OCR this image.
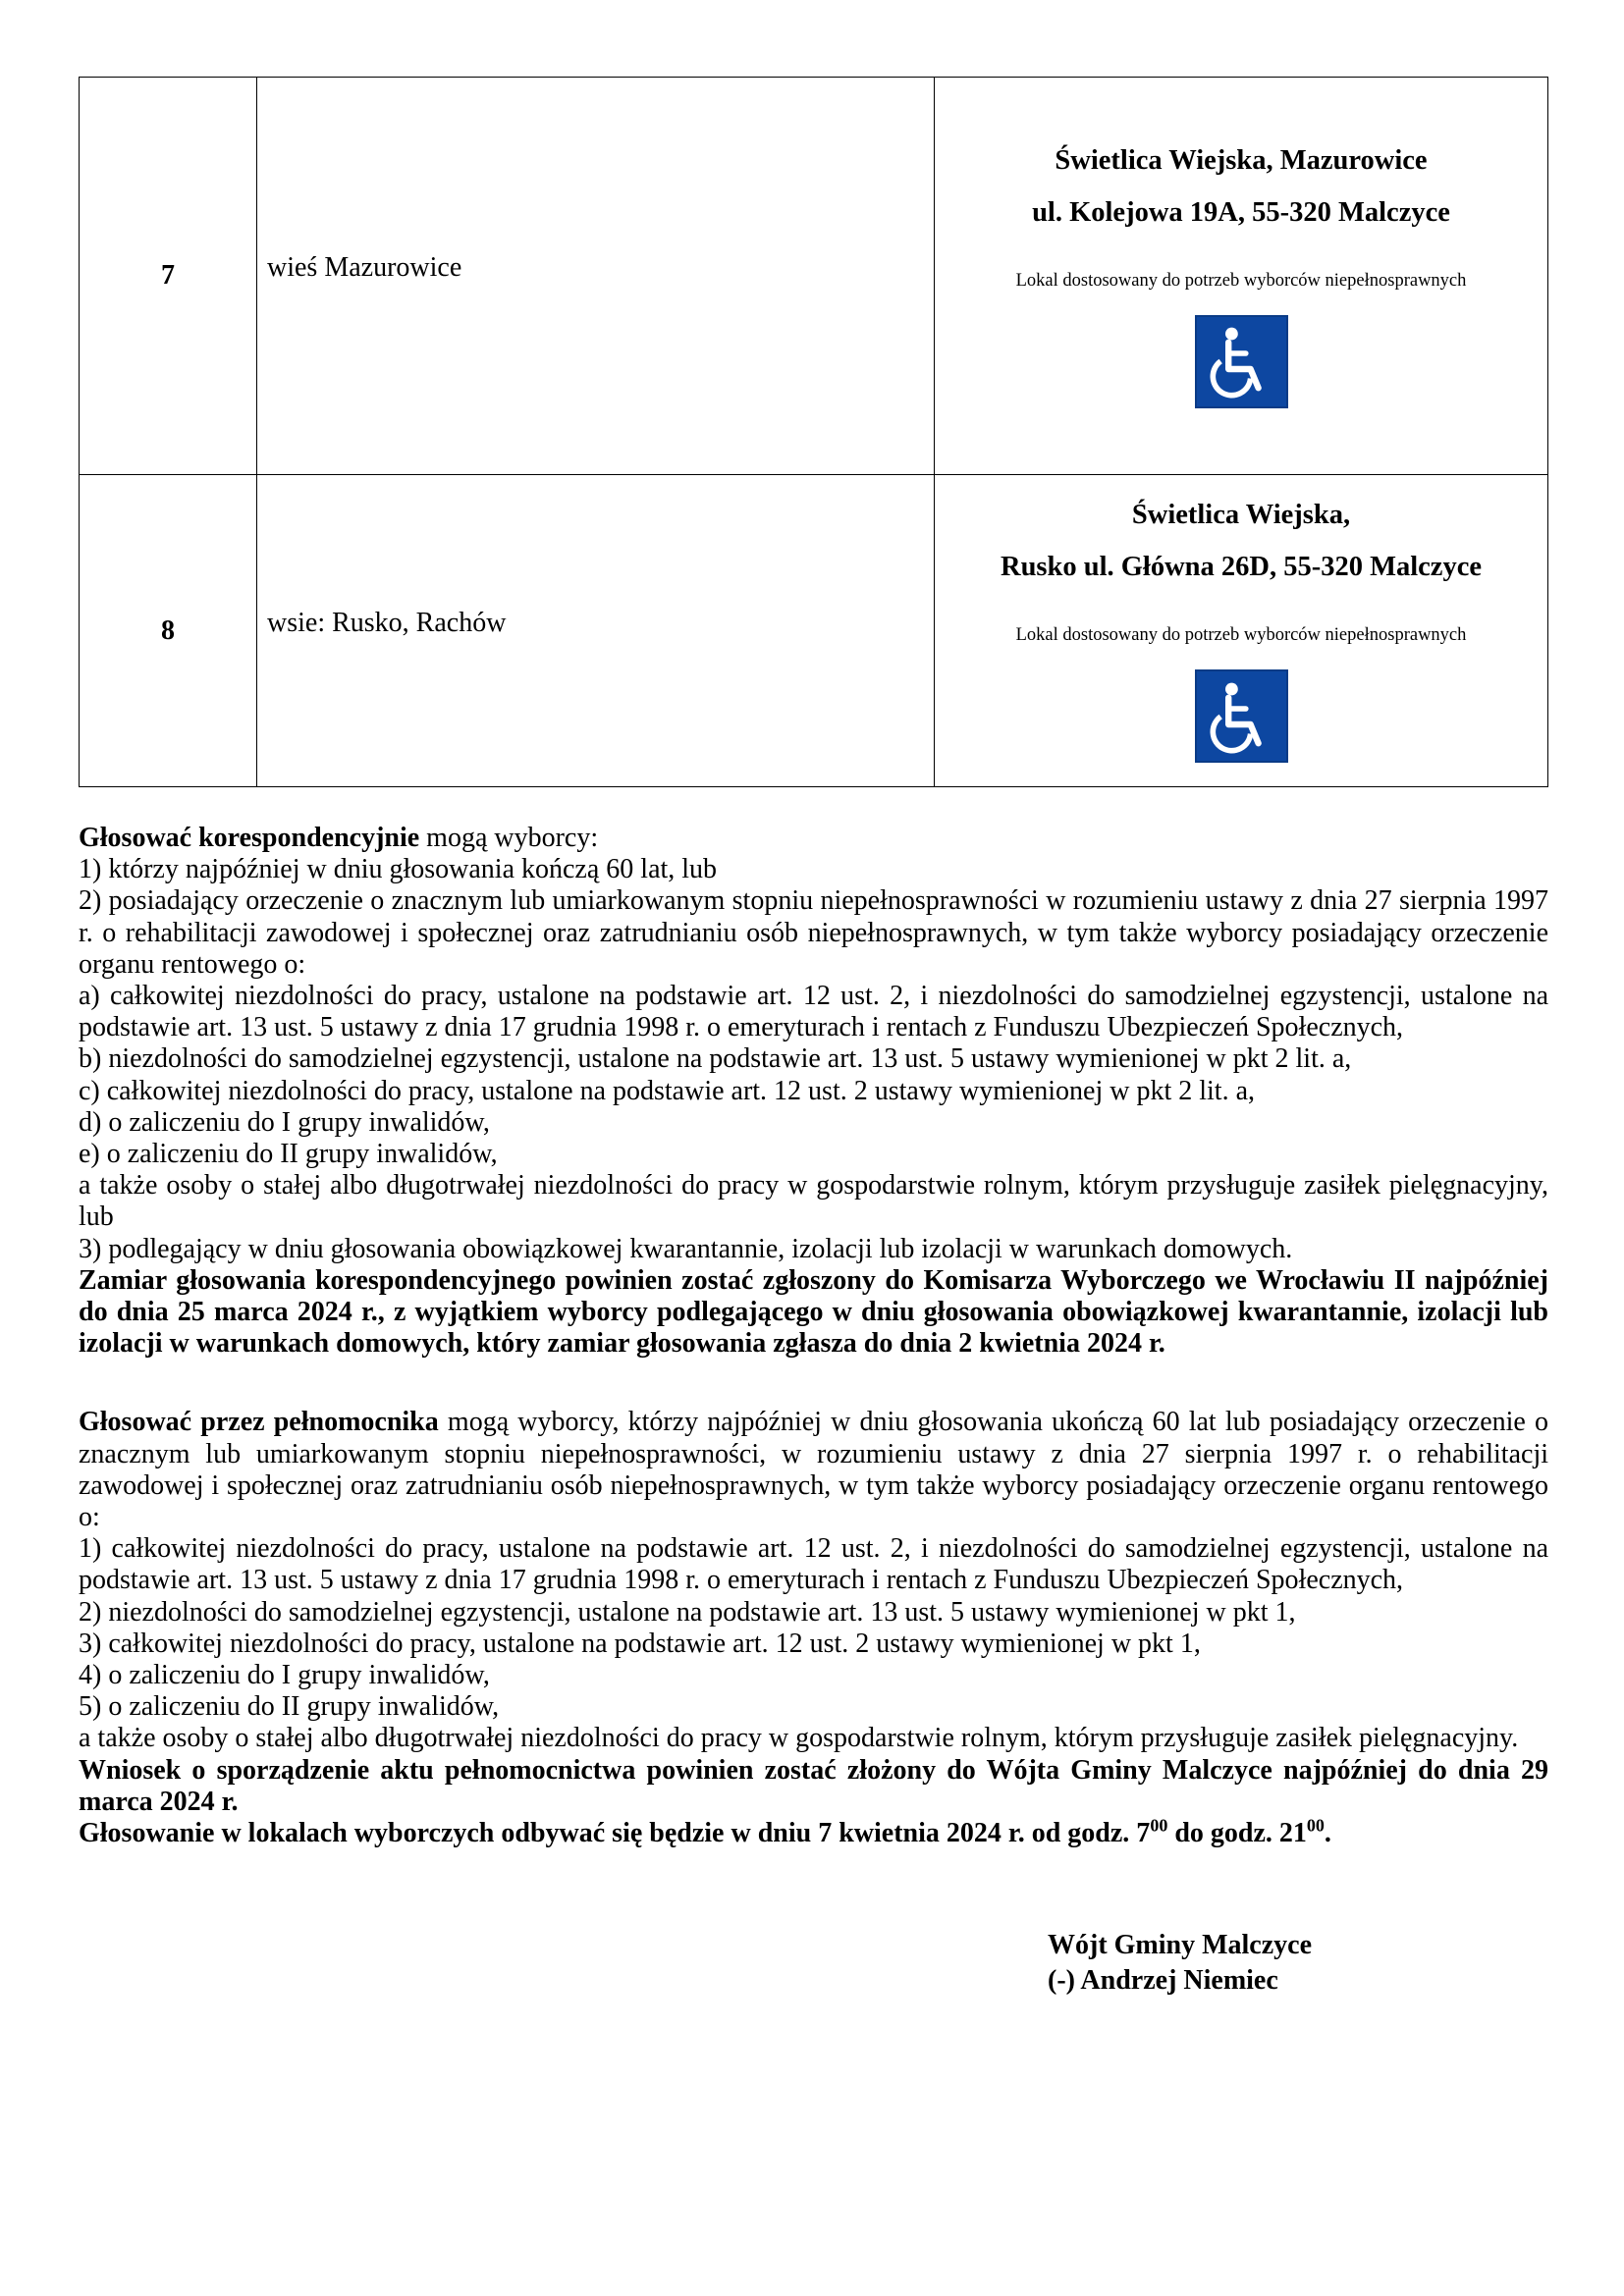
7	wieś Mazurowice	Świetlica Wiejska, Mazurowice
ul. Kolejowa 19A, 55-320 Malczyce
Lokal dostosowany do potrzeb wyborców niepełnosprawnych

8	wsie: Rusko, Rachów	Świetlica Wiejska,
Rusko ul. Główna 26D, 55-320 Malczyce
Lokal dostosowany do potrzeb wyborców niepełnosprawnych

Głosować korespondencyjnie mogą wyborcy:

1) którzy najpóźniej w dniu głosowania kończą 60 lat, lub

2) posiadający orzeczenie o znacznym lub umiarkowanym stopniu niepełnosprawności w rozumieniu ustawy z dnia 27 sierpnia 1997 r. o rehabilitacji zawodowej i społecznej oraz zatrudnianiu osób niepełnosprawnych, w tym także wyborcy posiadający orzeczenie organu rentowego o:

a) całkowitej niezdolności do pracy, ustalone na podstawie art. 12 ust. 2, i niezdolności do samodzielnej egzystencji, ustalone na podstawie art. 13 ust. 5 ustawy z dnia 17 grudnia 1998 r. o emeryturach i rentach z Funduszu Ubezpieczeń Społecznych,

b) niezdolności do samodzielnej egzystencji, ustalone na podstawie art. 13 ust. 5 ustawy wymienionej w pkt 2 lit. a,

c) całkowitej niezdolności do pracy, ustalone na podstawie art. 12 ust. 2 ustawy wymienionej w pkt 2 lit. a,

d) o zaliczeniu do I grupy inwalidów,

e) o zaliczeniu do II grupy inwalidów,

a także osoby o stałej albo długotrwałej niezdolności do pracy w gospodarstwie rolnym, którym przysługuje zasiłek pielęgnacyjny, lub

3) podlegający w dniu głosowania obowiązkowej kwarantannie, izolacji lub izolacji w warunkach domowych.

Zamiar głosowania korespondencyjnego powinien zostać zgłoszony do Komisarza Wyborczego we Wrocławiu II najpóźniej do dnia 25 marca 2024 r., z wyjątkiem wyborcy podlegającego w dniu głosowania obowiązkowej kwarantannie, izolacji lub izolacji w warunkach domowych, który zamiar głosowania zgłasza do dnia 2 kwietnia 2024 r.

Głosować przez pełnomocnika mogą wyborcy, którzy najpóźniej w dniu głosowania ukończą 60 lat lub posiadający orzeczenie o znacznym lub umiarkowanym stopniu niepełnosprawności, w rozumieniu ustawy z dnia 27 sierpnia 1997 r. o rehabilitacji zawodowej i społecznej oraz zatrudnianiu osób niepełnosprawnych, w tym także wyborcy posiadający orzeczenie organu rentowego o:

1) całkowitej niezdolności do pracy, ustalone na podstawie art. 12 ust. 2, i niezdolności do samodzielnej egzystencji, ustalone na podstawie art. 13 ust. 5 ustawy z dnia 17 grudnia 1998 r. o emeryturach i rentach z Funduszu Ubezpieczeń Społecznych,

2) niezdolności do samodzielnej egzystencji, ustalone na podstawie art. 13 ust. 5 ustawy wymienionej w pkt 1,

3) całkowitej niezdolności do pracy, ustalone na podstawie art. 12 ust. 2 ustawy wymienionej w pkt 1,

4) o zaliczeniu do I grupy inwalidów,

5) o zaliczeniu do II grupy inwalidów,

a także osoby o stałej albo długotrwałej niezdolności do pracy w gospodarstwie rolnym, którym przysługuje zasiłek pielęgnacyjny.

Wniosek o sporządzenie aktu pełnomocnictwa powinien zostać złożony do Wójta Gminy Malczyce najpóźniej do dnia 29 marca 2024 r.

Głosowanie w lokalach wyborczych odbywać się będzie w dniu 7 kwietnia 2024 r. od godz. $7^{00}$ do godz. $21^{00}$.

Wójt Gminy Malczyce
(-) Andrzej Niemiec
